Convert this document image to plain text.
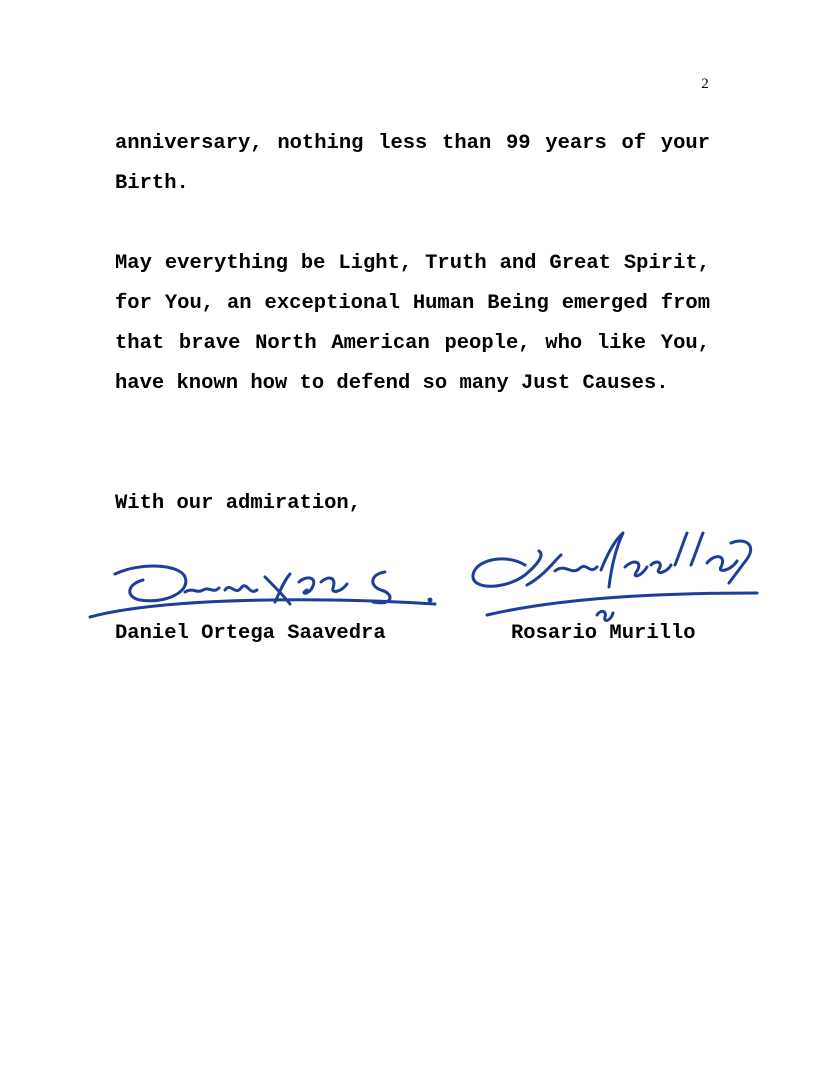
2

anniversary, nothing less than 99 years of your Birth.

May everything be Light, Truth and Great Spirit, for You, an exceptional Human Being emerged from that brave North American people, who like You, have known how to defend so many Just Causes.

With our admiration,

Daniel Ortega Saavedra	Rosario Murillo
